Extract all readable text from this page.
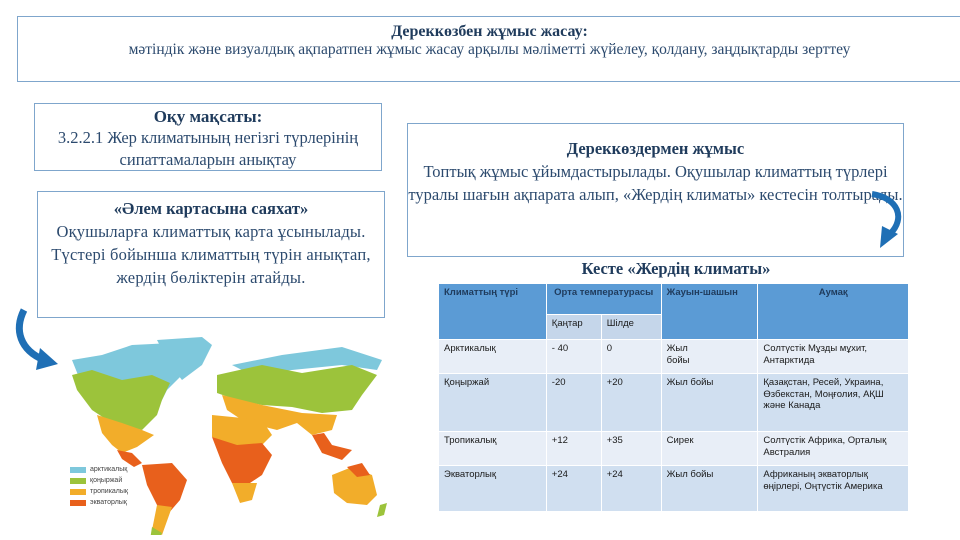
Дереккөзбен жұмыс жасау:
мәтіндік және визуалдық ақпаратпен жұмыс жасау арқылы мәліметті жүйелеу, қолдану, заңдықтарды зерттеу
Оқу мақсаты:
3.2.2.1 Жер климатының негізгі түрлерінің сипаттамаларын анықтау
«Әлем картасына саяхат»
Оқушыларға климаттық карта ұсынылады. Түстері бойынша климаттың түрін анықтап, жердің бөліктерін атайды.
Дереккөздермен жұмыс
Топтық жұмыс ұйымдастырылады. Оқушылар климаттың түрлері туралы шағын ақпарата алып, «Жердің климаты» кестесін толтырады.
Кесте «Жердің климаты»
Климаттың түрі	Орта температурасы		Жауын-шашын	Аумақ
	Қаңтар	Шілде		
Арктикалық	- 40	0	Жыл бойы	Солтүстік Мұзды мұхит, Антарктида
Қоңыржай	-20	+20	Жыл бойы	Қазақстан, Ресей, Украина, Өзбекстан, Моңғолия, АҚШ және Канада
Тропикалық	+12	+35	Сирек	Солтүстік Африка, Орталық Австралия
Экваторлық	+24	+24	Жыл бойы	Африканың экваторлық өңірлері, Оңтүстік Америка
арктикалық
қоңыржай
тропикалық
экваторлық
